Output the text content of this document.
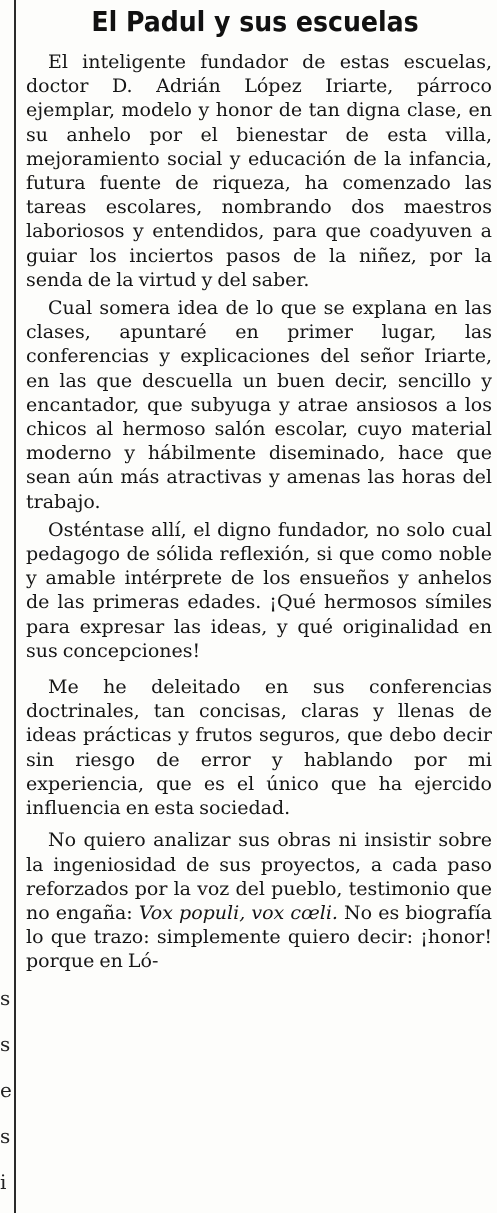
s
s
e
s
i
El Padul y sus escuelas

El inteligente fundador de estas escuelas, doctor D. Adrián López Iriarte, párroco ejemplar, modelo y honor de tan digna clase, en su anhelo por el bienestar de esta villa, mejoramiento social y educación de la infancia, futura fuente de riqueza, ha comenzado las tareas escolares, nombrando dos maestros laboriosos y entendidos, para que coadyuven a guiar los inciertos pasos de la niñez, por la senda de la virtud y del saber.

Cual somera idea de lo que se explana en las clases, apuntaré en primer lugar, las conferencias y explicaciones del señor Iriarte, en las que descuella un buen decir, sencillo y encantador, que subyuga y atrae ansiosos a los chicos al hermoso salón escolar, cuyo material moderno y hábilmente diseminado, hace que sean aún más atractivas y amenas las horas del trabajo.

Osténtase allí, el digno fundador, no solo cual pedagogo de sólida reflexión, si que como noble y amable intérprete de los ensueños y anhelos de las primeras edades. ¡Qué hermosos símiles para expresar las ideas, y qué originalidad en sus concepciones!

Me he deleitado en sus conferencias doctrinales, tan concisas, claras y llenas de ideas prácticas y frutos seguros, que debo decir sin riesgo de error y hablando por mi experiencia, que es el único que ha ejercido influencia en esta sociedad.

No quiero analizar sus obras ni insistir sobre la ingeniosidad de sus proyectos, a cada paso reforzados por la voz del pueblo, testimonio que no engaña: Vox populi, vox cœli. No es biografía lo que trazo: simplemente quiero decir: ¡honor! porque en Ló-
